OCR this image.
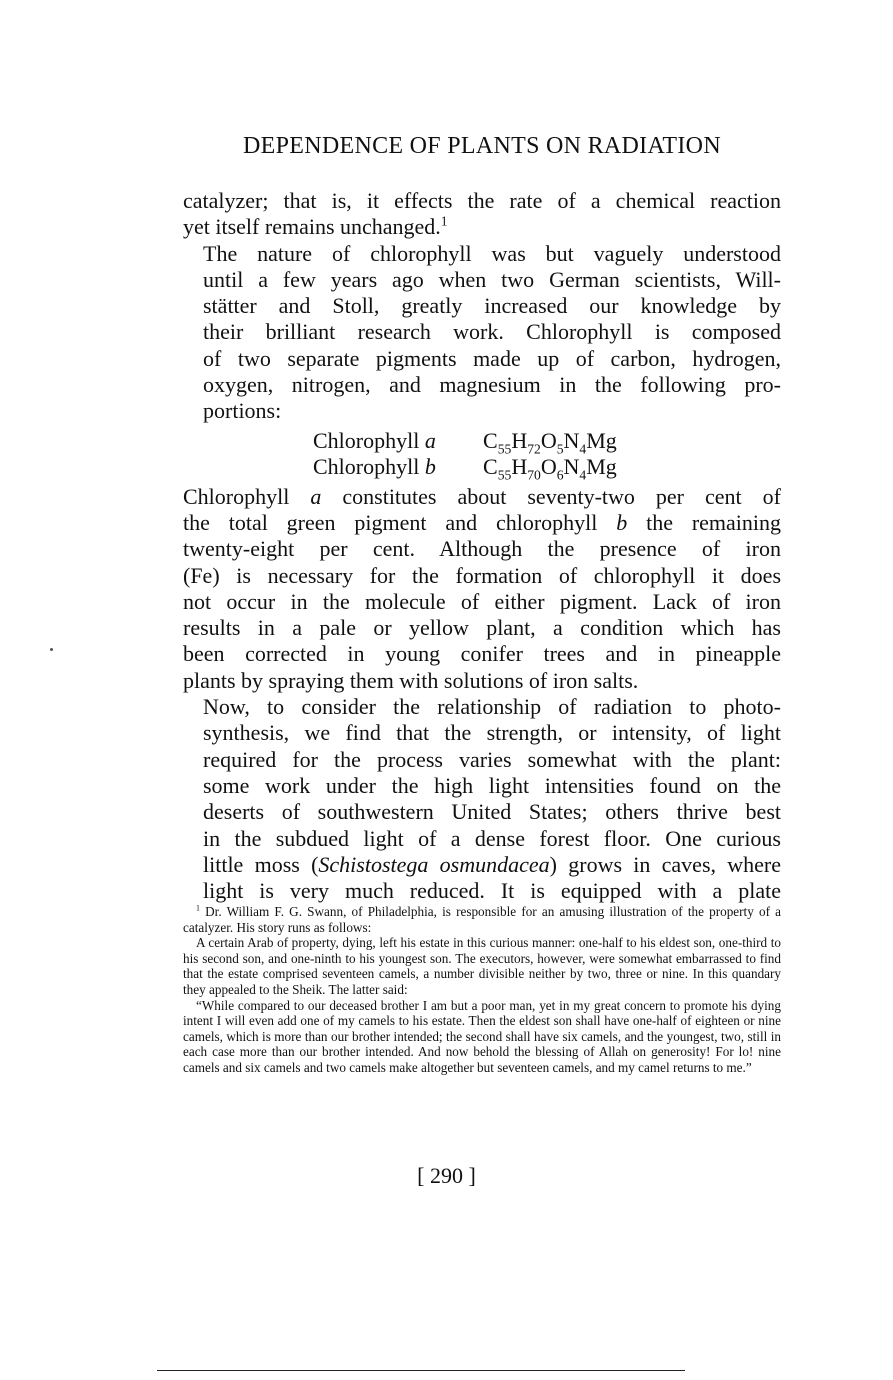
DEPENDENCE OF PLANTS ON RADIATION

catalyzer; that is, it effects the rate of a chemical reaction
yet itself remains unchanged.$^1$

The nature of chlorophyll was but vaguely understood
until a few years ago when two German scientists, Will-
stätter and Stoll, greatly increased our knowledge by
their brilliant research work. Chlorophyll is composed
of two separate pigments made up of carbon, hydrogen,
oxygen, nitrogen, and magnesium in the following pro-
portions:

Chlorophyll a	$C_{55}H_{72}O_5N_4Mg$
Chlorophyll b	$C_{55}H_{70}O_6N_4Mg$

Chlorophyll a constitutes about seventy-two per cent of
the total green pigment and chlorophyll b the remaining
twenty-eight per cent. Although the presence of iron
(Fe) is necessary for the formation of chlorophyll it does
not occur in the molecule of either pigment. Lack of iron
results in a pale or yellow plant, a condition which has
been corrected in young conifer trees and in pineapple
plants by spraying them with solutions of iron salts.

Now, to consider the relationship of radiation to photo-
synthesis, we find that the strength, or intensity, of light
required for the process varies somewhat with the plant:
some work under the high light intensities found on the
deserts of southwestern United States; others thrive best
in the subdued light of a dense forest floor. One curious
little moss (Schistostega osmundacea) grows in caves, where
light is very much reduced. It is equipped with a plate

$^1$ Dr. William F. G. Swann, of Philadelphia, is responsible for an amusing illustration of the property of a catalyzer. His story runs as follows:

A certain Arab of property, dying, left his estate in this curious manner: one-half to his eldest son, one-third to his second son, and one-ninth to his youngest son. The executors, however, were somewhat embarrassed to find that the estate comprised seventeen camels, a number divisible neither by two, three or nine. In this quandary they appealed to the Sheik. The latter said:

“While compared to our deceased brother I am but a poor man, yet in my great concern to promote his dying intent I will even add one of my camels to his estate. Then the eldest son shall have one-half of eighteen or nine camels, which is more than our brother intended; the second shall have six camels, and the youngest, two, still in each case more than our brother intended. And now behold the blessing of Allah on generosity! For lo! nine camels and six camels and two camels make altogether but seventeen camels, and my camel returns to me.”

[ 290 ]
